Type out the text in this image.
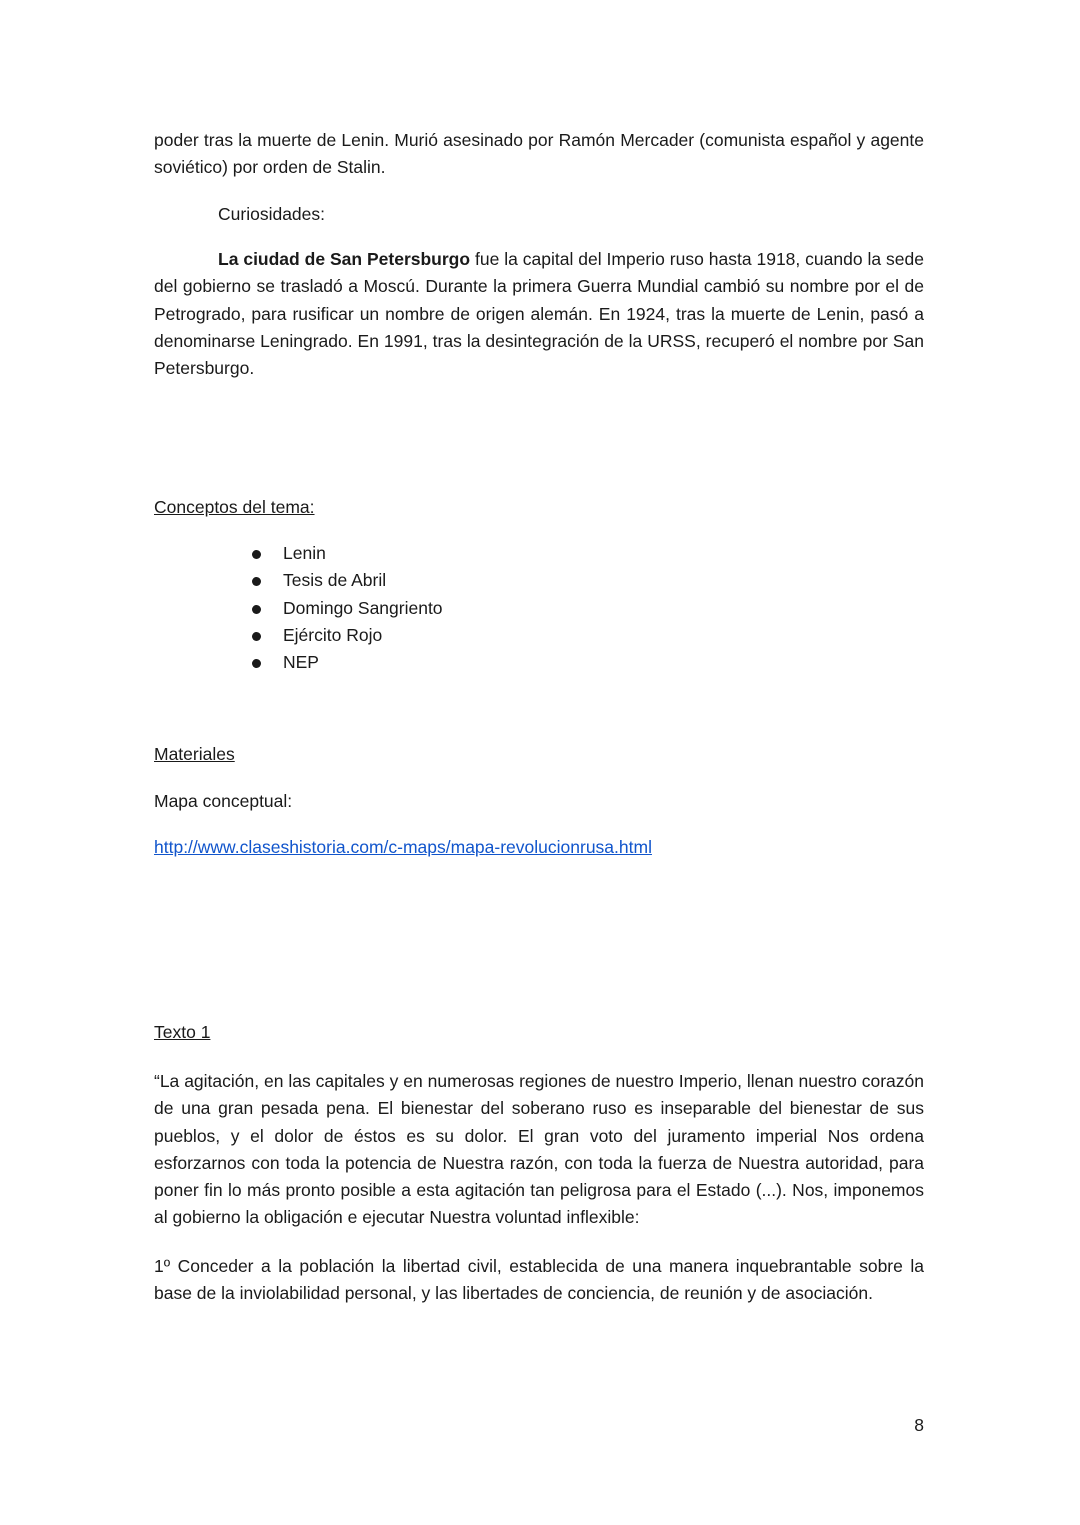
poder tras la muerte de Lenin. Murió asesinado por Ramón Mercader (comunista español y agente soviético) por orden de Stalin.

Curiosidades:

La ciudad de San Petersburgo fue la capital del Imperio ruso hasta 1918, cuando la sede del gobierno se trasladó a Moscú. Durante la primera Guerra Mundial cambió su nombre por el de Petrogrado, para rusificar un nombre de origen alemán. En 1924, tras la muerte de Lenin, pasó a denominarse Leningrado. En 1991, tras la desintegración de la URSS, recuperó el nombre por San Petersburgo.

Conceptos del tema:

Lenin
Tesis de Abril
Domingo Sangriento
Ejército Rojo
NEP

Materiales

Mapa conceptual:

http://www.claseshistoria.com/c-maps/mapa-revolucionrusa.html

Texto 1

“La agitación, en las capitales y en numerosas regiones de nuestro Imperio, llenan nuestro corazón de una gran pesada pena. El bienestar del soberano ruso es inseparable del bienestar de sus pueblos, y el dolor de éstos es su dolor. El gran voto del juramento imperial Nos ordena esforzarnos con toda la potencia de Nuestra razón, con toda la fuerza de Nuestra autoridad, para poner fin lo más pronto posible a esta agitación tan peligrosa para el Estado (...). Nos, imponemos al gobierno la obligación e ejecutar Nuestra voluntad inflexible:

1º Conceder a la población la libertad civil, establecida de una manera inquebrantable sobre la base de la inviolabilidad personal, y las libertades de conciencia, de reunión y de asociación.

8
